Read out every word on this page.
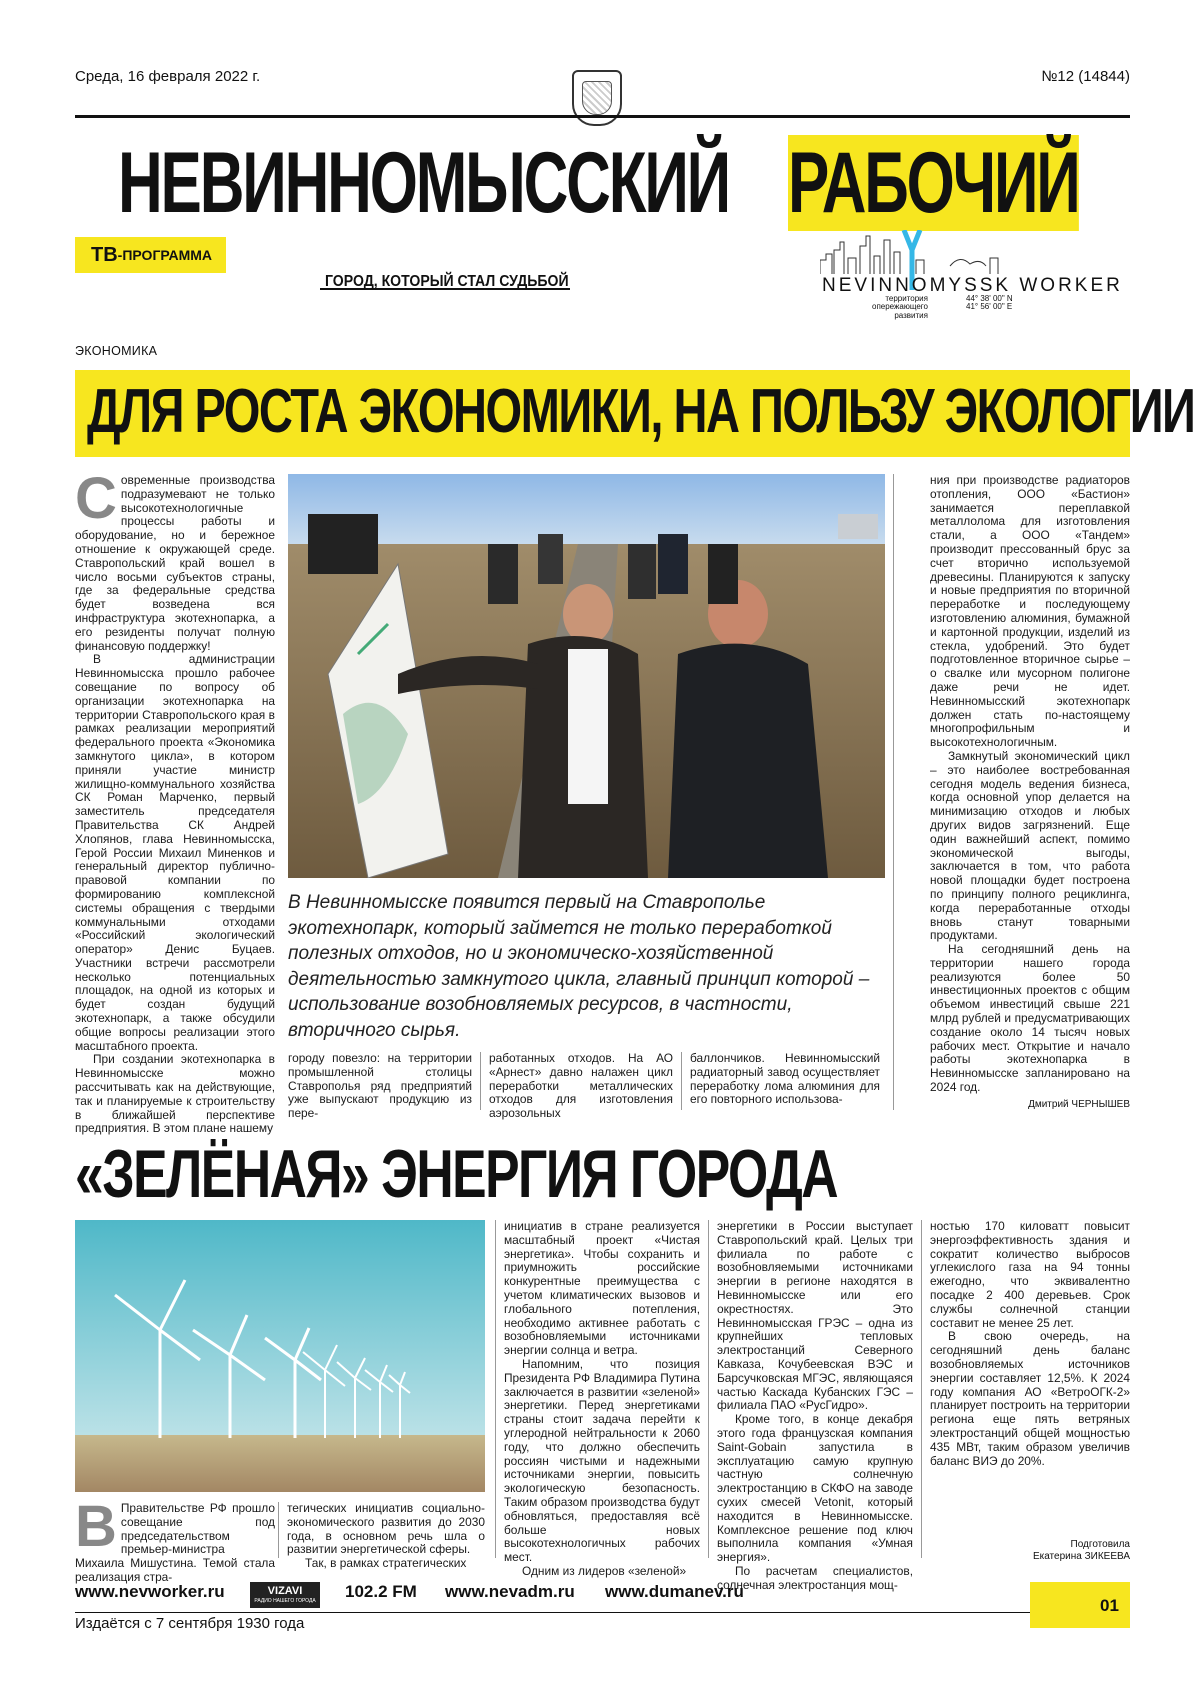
Среда, 16 февраля 2022 г.	№12 (14844)
НЕВИННОМЫССКИЙ РАБОЧИЙ
ТВ -ПРОГРАММА
ГОРОД, КОТОРЫЙ СТАЛ СУДЬБОЙ	NEVINNOMYSSK WORKER
территория
опережающего
развития
44° 38' 00" N
41° 56' 00" E
ЭКОНОМИКА
ДЛЯ РОСТА ЭКОНОМИКИ, НА ПОЛЬЗУ ЭКОЛОГИИ

Современные производства подразумевают не только высокотехнологичные процессы работы и оборудование, но и бережное отношение к окружающей среде. Ставропольский край вошел в число восьми субъектов страны, где за федеральные средства будет возведена вся инфраструктура экотехнопарка, а его резиденты получат полную финансовую поддержку!

В администрации Невинномысска прошло рабочее совещание по вопросу об организации экотехнопарка на территории Ставропольского края в рамках реализации мероприятий федерального проекта «Экономика замкнутого цикла», в котором приняли участие министр жилищно-коммунального хозяйства СК Роман Марченко, первый заместитель председателя Правительства СК Андрей Хлопянов, глава Невинномысска, Герой России Михаил Миненков и генеральный директор публично-правовой компании по формированию комплексной системы обращения с твердыми коммунальными отходами «Российский экологический оператор» Денис Буцаев. Участники встречи рассмотрели несколько потенциальных площадок, на одной из которых и будет создан будущий экотехнопарк, а также обсудили общие вопросы реализации этого масштабного проекта.

При создании экотехнопарка в Невинномысске можно рассчитывать как на действующие, так и планируемые к строительству в ближайшей перспективе предприятия. В этом плане нашему

В Невинномысске появится первый на Ставрополье экотехнопарк, который займется не только переработкой полезных отходов, но и экономическо-хозяйственной деятельностью замкнутого цикла, главный принцип которой – использование возобновляемых ресурсов, в частности, вторичного сырья.

городу повезло: на территории промышленной столицы Ставрополья ряд предприятий уже выпускают продукцию из пере-

работанных отходов. На АО «Арнест» давно налажен цикл переработки металлических отходов для изготовления аэрозольных

баллончиков. Невинномысский радиаторный завод осуществляет переработку лома алюминия для его повторного использова-

ния при производстве радиаторов отопления, ООО «Бастион» занимается переплавкой металлолома для изготовления стали, а ООО «Тандем» производит прессованный брус за счет вторично используемой древесины. Планируются к запуску и новые предприятия по вторичной переработке и последующему изготовлению алюминия, бумажной и картонной продукции, изделий из стекла, удобрений. Это будет подготовленное вторичное сырье – о свалке или мусорном полигоне даже речи не идет. Невинномысский экотехнопарк должен стать по-настоящему многопрофильным и высокотехнологичным.

Замкнутый экономический цикл – это наиболее востребованная сегодня модель ведения бизнеса, когда основной упор делается на минимизацию отходов и любых других видов загрязнений. Еще один важнейший аспект, помимо экономической выгоды, заключается в том, что работа новой площадки будет построена по принципу полного рециклинга, когда переработанные отходы вновь станут товарными продуктами.

На сегодняшний день на территории нашего города реализуются более 50 инвестиционных проектов с общим объемом инвестиций свыше 221 млрд рублей и предусматривающих создание около 14 тысяч новых рабочих мест. Открытие и начало работы экотехнопарка в Невинномысске запланировано на 2024 год.

Дмитрий ЧЕРНЫШЕВ
«ЗЕЛЁНАЯ» ЭНЕРГИЯ ГОРОДА

В Правительстве РФ прошло совещание под председательством премьер-министра Михаила Мишустина. Темой стала реализация стра-

тегических инициатив социально-экономического развития до 2030 года, в основном речь шла о развитии энергетической сферы.

Так, в рамках стратегических

инициатив в стране реализуется масштабный проект «Чистая энергетика». Чтобы сохранить и приумножить российские конкурентные преимущества с учетом климатических вызовов и глобального потепления, необходимо активнее работать с возобновляемыми источниками энергии солнца и ветра.

Напомним, что позиция Президента РФ Владимира Путина заключается в развитии «зеленой» энергетики. Перед энергетиками страны стоит задача перейти к углеродной нейтральности к 2060 году, что должно обеспечить россиян чистыми и надежными источниками энергии, повысить экологическую безопасность. Таким образом производства будут обновляться, предоставляя всё больше новых высокотехнологичных рабочих мест.

Одним из лидеров «зеленой»

энергетики в России выступает Ставропольский край. Целых три филиала по работе с возобновляемыми источниками энергии в регионе находятся в Невинномысске или его окрестностях. Это Невинномысская ГРЭС – одна из крупнейших тепловых электростанций Северного Кавказа, Кочубеевская ВЭС и Барсучковская МГЭС, являющаяся частью Каскада Кубанских ГЭС – филиала ПАО «РусГидро».

Кроме того, в конце декабря этого года французская компания Saint-Gobain запустила в эксплуатацию самую крупную частную солнечную электростанцию в СКФО на заводе сухих смесей Vetonit, который находится в Невинномысске. Комплексное решение под ключ выполнила компания «Умная энергия».

По расчетам специалистов, солнечная электростанция мощ-

ностью 170 киловатт повысит энергоэффективность здания и сократит количество выбросов углекислого газа на 94 тонны ежегодно, что эквивалентно посадке 2 400 деревьев. Срок службы солнечной станции составит не менее 25 лет.

В свою очередь, на сегодняшний день баланс возобновляемых источников энергии составляет 12,5%. К 2024 году компания АО «ВетроОГК-2» планирует построить на территории региона еще пять ветряных электростанций общей мощностью 435 МВт, таким образом увеличив баланс ВИЭ до 20%.

Подготовила
Екатерина ЗИКЕЕВА
www.nevworker.ru	VIZAVI
РАДИО НАШЕГО ГОРОДА 102.2 FM www.nevadm.ru www.dumanev.ru
Издаётся с 7 сентября 1930 года
01
